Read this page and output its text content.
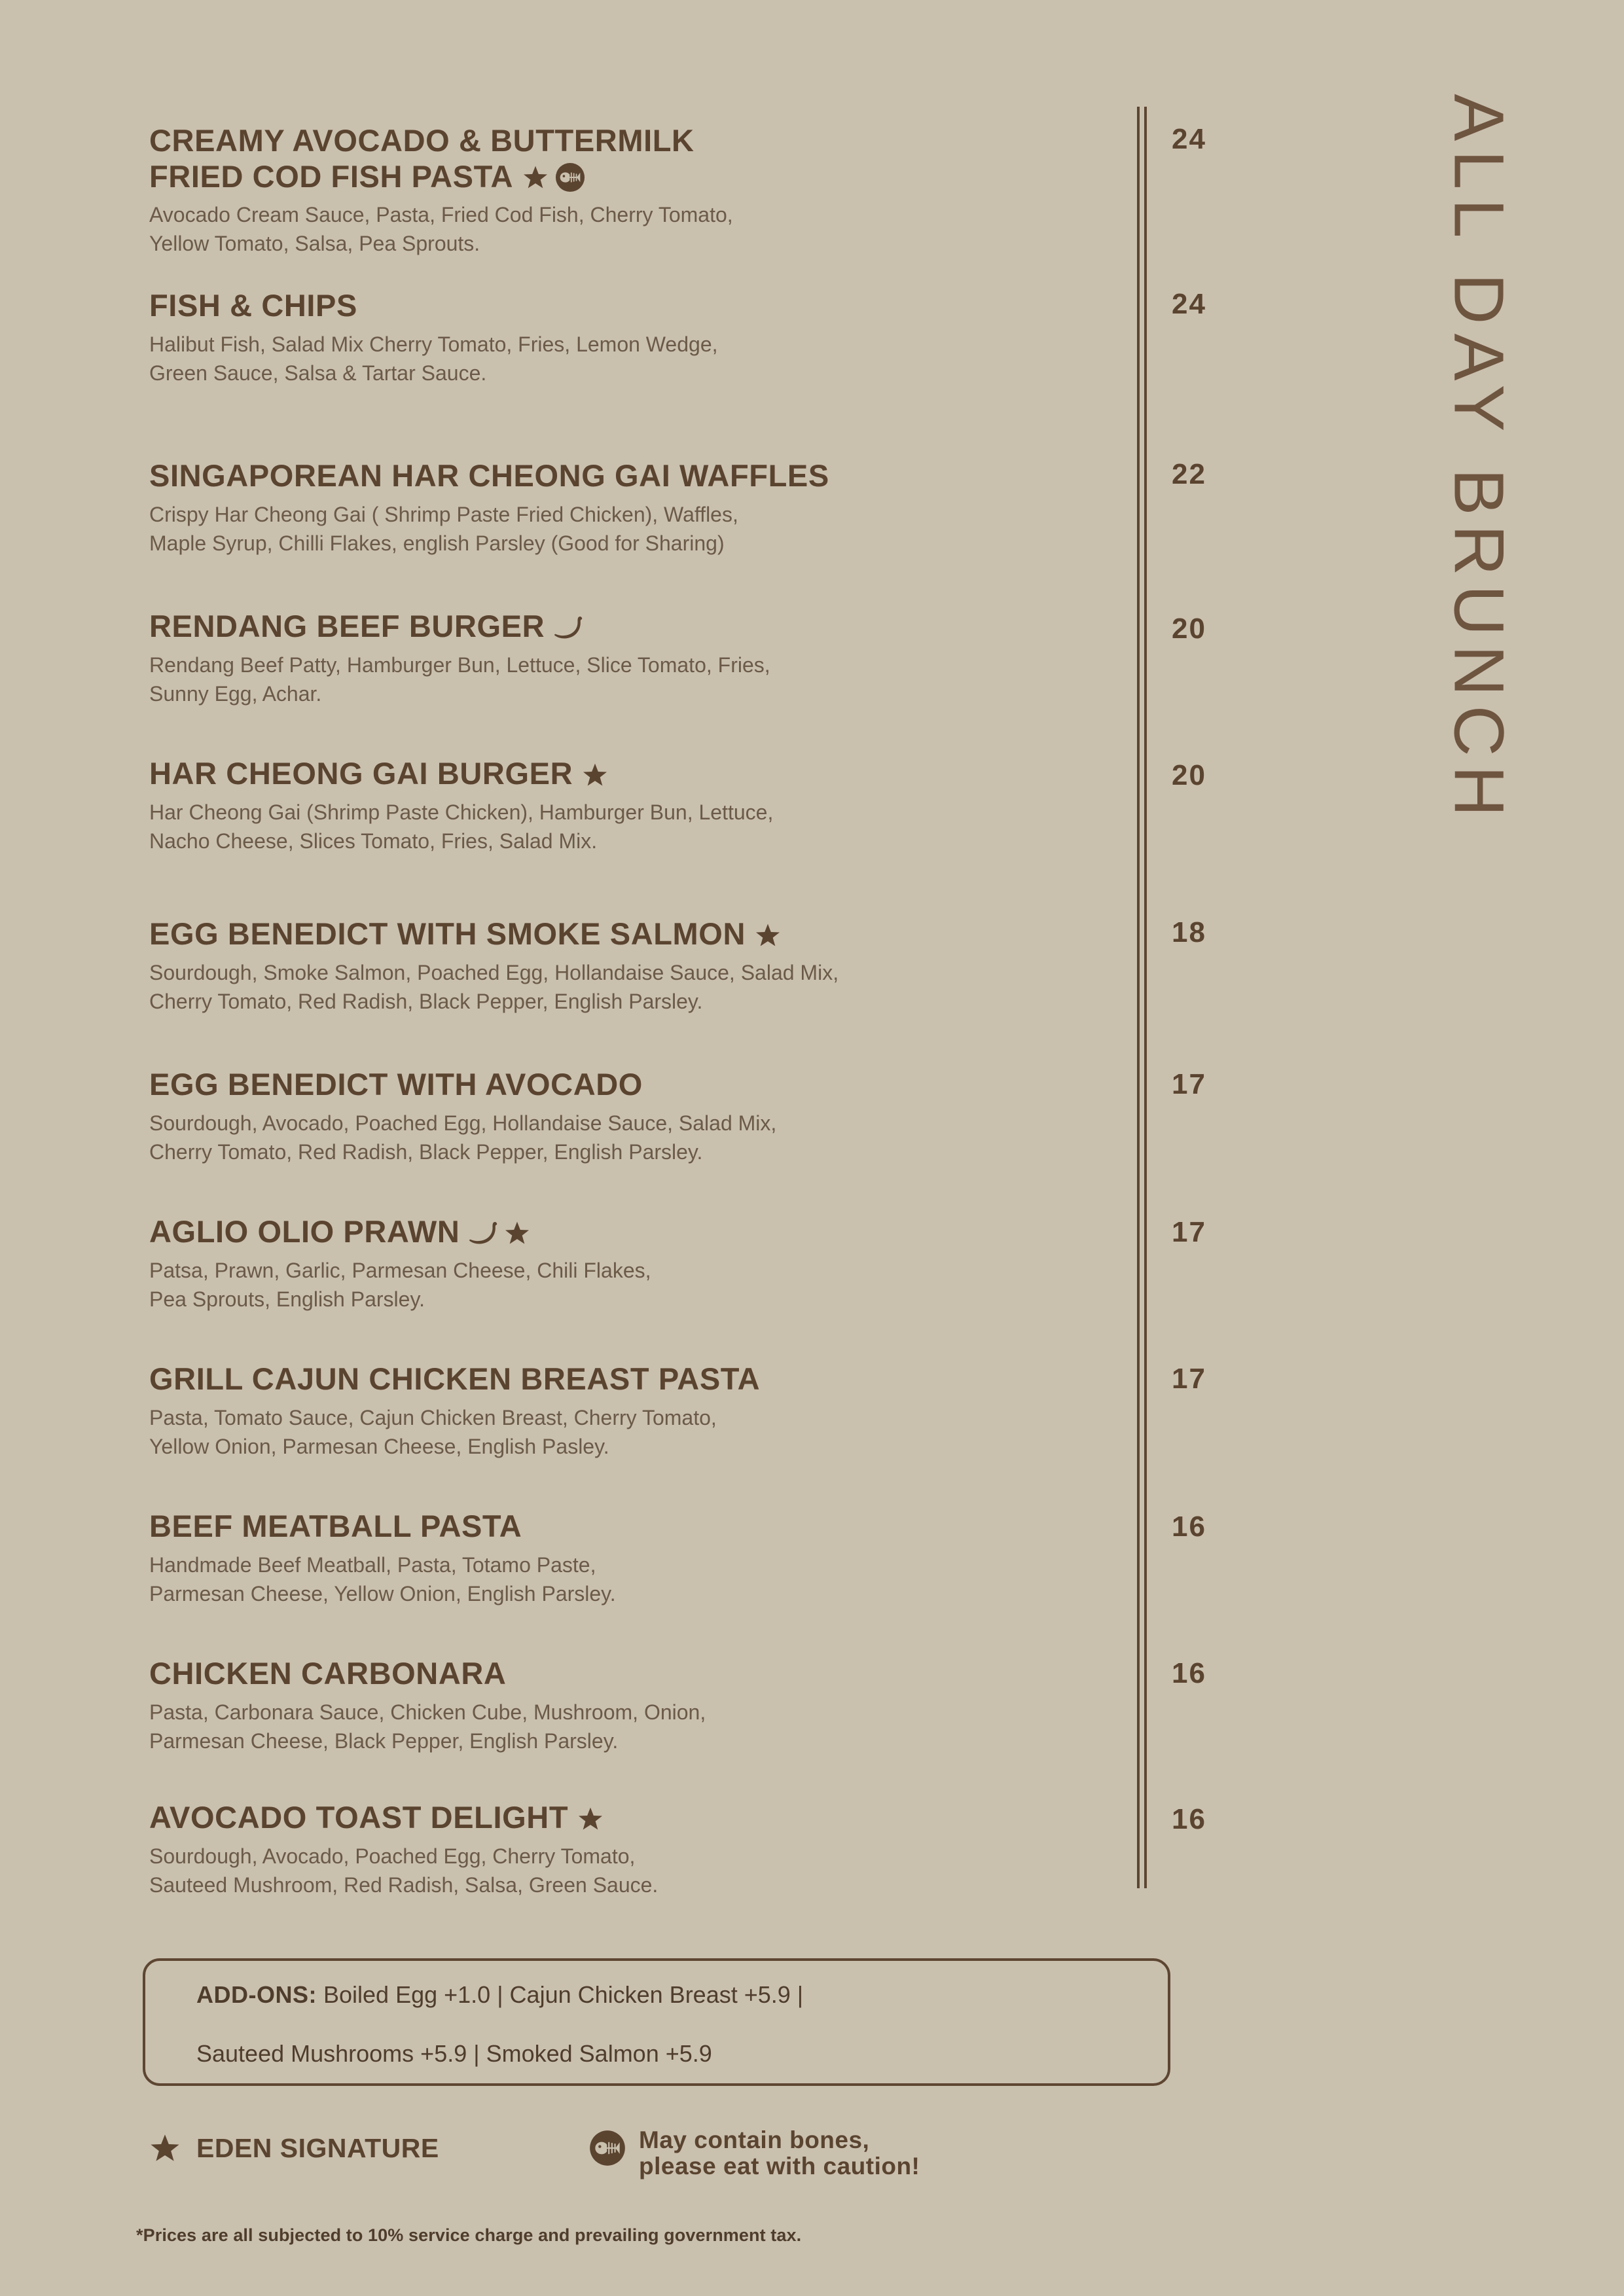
ALL DAY BRUNCH
CREAMY AVOCADO & BUTTERMILK
FRIED COD FISH PASTA

Avocado Cream Sauce, Pasta, Fried Cod Fish, Cherry Tomato,
Yellow Tomato, Salsa, Pea Sprouts.

24
FISH & CHIPS

Halibut Fish, Salad Mix Cherry Tomato, Fries, Lemon Wedge,
Green Sauce, Salsa & Tartar Sauce.

24
SINGAPOREAN HAR CHEONG GAI WAFFLES

Crispy Har Cheong Gai ( Shrimp Paste Fried Chicken), Waffles,
Maple Syrup, Chilli Flakes, english Parsley (Good for Sharing)

22
RENDANG BEEF BURGER

Rendang Beef Patty, Hamburger Bun, Lettuce, Slice Tomato, Fries,
Sunny Egg, Achar.

20
HAR CHEONG GAI BURGER

Har Cheong Gai (Shrimp Paste Chicken), Hamburger Bun, Lettuce,
Nacho Cheese, Slices Tomato, Fries, Salad Mix.

20
EGG BENEDICT WITH SMOKE SALMON

Sourdough, Smoke Salmon, Poached Egg, Hollandaise Sauce, Salad Mix,
Cherry Tomato, Red Radish, Black Pepper, English Parsley.

18
EGG BENEDICT WITH AVOCADO

Sourdough, Avocado, Poached Egg, Hollandaise Sauce, Salad Mix,
Cherry Tomato, Red Radish, Black Pepper, English Parsley.

17
AGLIO OLIO PRAWN

Patsa, Prawn, Garlic, Parmesan Cheese, Chili Flakes,
Pea Sprouts, English Parsley.

17
GRILL CAJUN CHICKEN BREAST PASTA

Pasta, Tomato Sauce, Cajun Chicken Breast, Cherry Tomato,
Yellow Onion, Parmesan Cheese, English Pasley.

17
BEEF MEATBALL PASTA

Handmade Beef Meatball, Pasta, Totamo Paste,
Parmesan Cheese, Yellow Onion, English Parsley.

16
CHICKEN CARBONARA

Pasta, Carbonara Sauce, Chicken Cube, Mushroom, Onion,
Parmesan Cheese, Black Pepper, English Parsley.

16
AVOCADO TOAST DELIGHT

Sourdough, Avocado, Poached Egg, Cherry Tomato,
Sauteed Mushroom, Red Radish, Salsa, Green Sauce.

16
ADD-ONS: Boiled Egg +1.0 | Cajun Chicken Breast +5.9 |
Sauteed Mushrooms +5.9 | Smoked Salmon +5.9
EDEN SIGNATURE	May contain bones,
please eat with caution!
*Prices are all subjected to 10% service charge and prevailing government tax.
